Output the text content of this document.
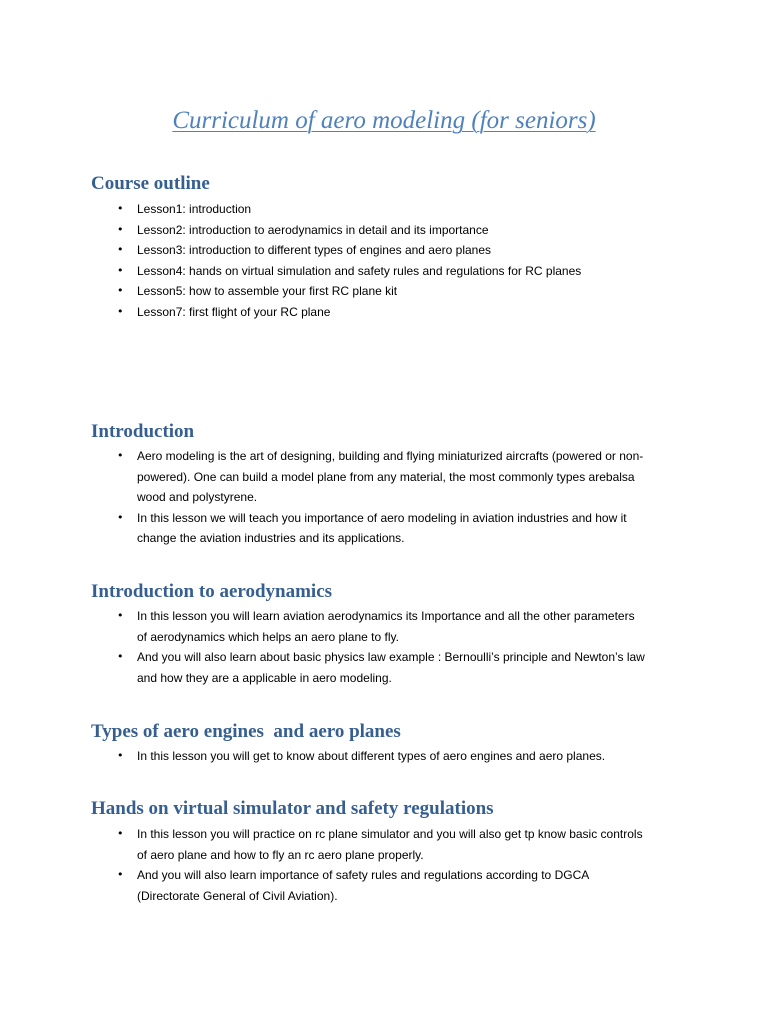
Curriculum of aero modeling (for seniors)
Course outline
• Lesson1: introduction
• Lesson2: introduction to aerodynamics in detail and its importance
• Lesson3: introduction to different types of engines and aero planes
• Lesson4: hands on virtual simulation and safety rules and regulations for RC planes
• Lesson5: how to assemble your first RC plane kit
• Lesson7: first flight of your RC plane
Introduction
• Aero modeling is the art of designing, building and flying miniaturized aircrafts (powered or non-
powered). One can build a model plane from any material, the most commonly types arebalsa
wood and polystyrene.
• In this lesson we will teach you importance of aero modeling in aviation industries and how it
change the aviation industries and its applications.
Introduction to aerodynamics
• In this lesson you will learn aviation aerodynamics its Importance and all the other parameters
of aerodynamics which helps an aero plane to fly.
• And you will also learn about basic physics law example : Bernoulli’s principle and Newton’s law
and how they are a applicable in aero modeling.
Types of aero engines  and aero planes
• In this lesson you will get to know about different types of aero engines and aero planes.
Hands on virtual simulator and safety regulations
• In this lesson you will practice on rc plane simulator and you will also get tp know basic controls
of aero plane and how to fly an rc aero plane properly.
• And you will also learn importance of safety rules and regulations according to DGCA
(Directorate General of Civil Aviation).
